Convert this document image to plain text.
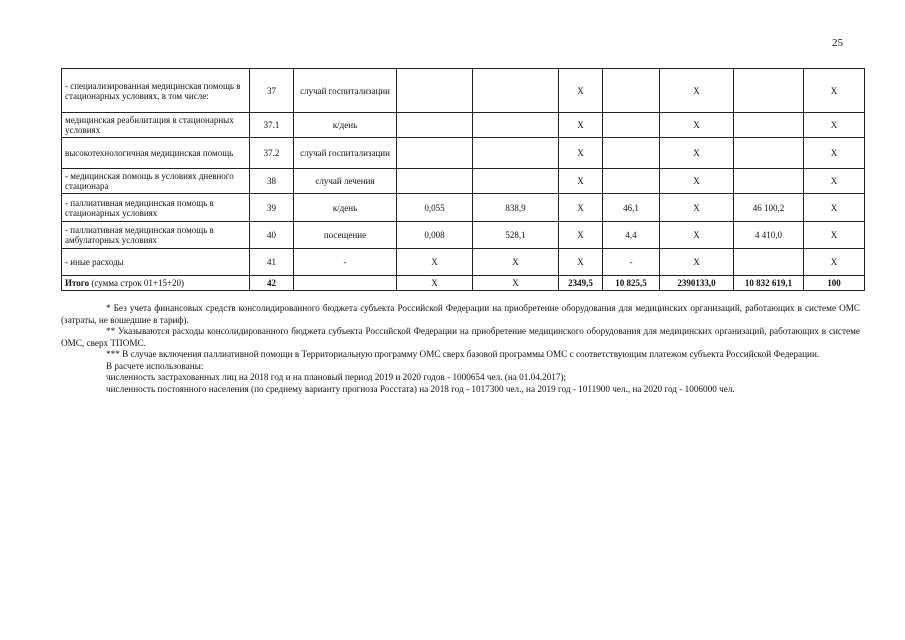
25
- специализированная медицинская помощь в стационарных условиях, в том числе:	37	случай госпитализации			X		X		X
медицинская реабилитация в стационарных условиях	37.1	к/день			X		X		X
высокотехнологичная медицинская помощь	37.2	случай госпитализации			X		X		X
- медицинская помощь в условиях дневного стационара	38	случай лечения			X		X		X
- паллиативная медицинская помощь в стационарных условиях	39	к/день	0,055	838,9	X	46,1	X	46 100,2	X
- паллиативная медицинская помощь в амбулаторных условиях	40	посещение	0,008	528,1	X	4,4	X	4 410,0	X
- иные расходы	41	-	X	X	X	-	X		X
Итого (сумма строк 01+15+20)	42		X	X	2349,5	10 825,5	2390133,0	10 832 619,1	100

* Без учета финансовых средств консолидированного бюджета субъекта Российской Федерации на приобретение оборудования для медицинских организаций, работающих в системе ОМС (затраты, не вошедшие в тариф).

** Указываются расходы консолидированного бюджета субъекта Российской Федерации на приобретение медицинского оборудования для медицинских организаций, работающих в системе ОМС, сверх ТПОМС.

*** В случае включения паллиативной помощи в Территориальную программу ОМС сверх базовой программы ОМС с соответствующим платежом субъекта Российской Федерации.

В расчете использованы:

численность застрахованных лиц на 2018 год и на плановый период 2019 и 2020 годов - 1000654 чел. (на 01.04.2017);

численность постоянного населения (по среднему варианту прогноза Росстата) на 2018 год - 1017300 чел., на 2019 год - 1011900 чел., на 2020 год - 1006000 чел.
